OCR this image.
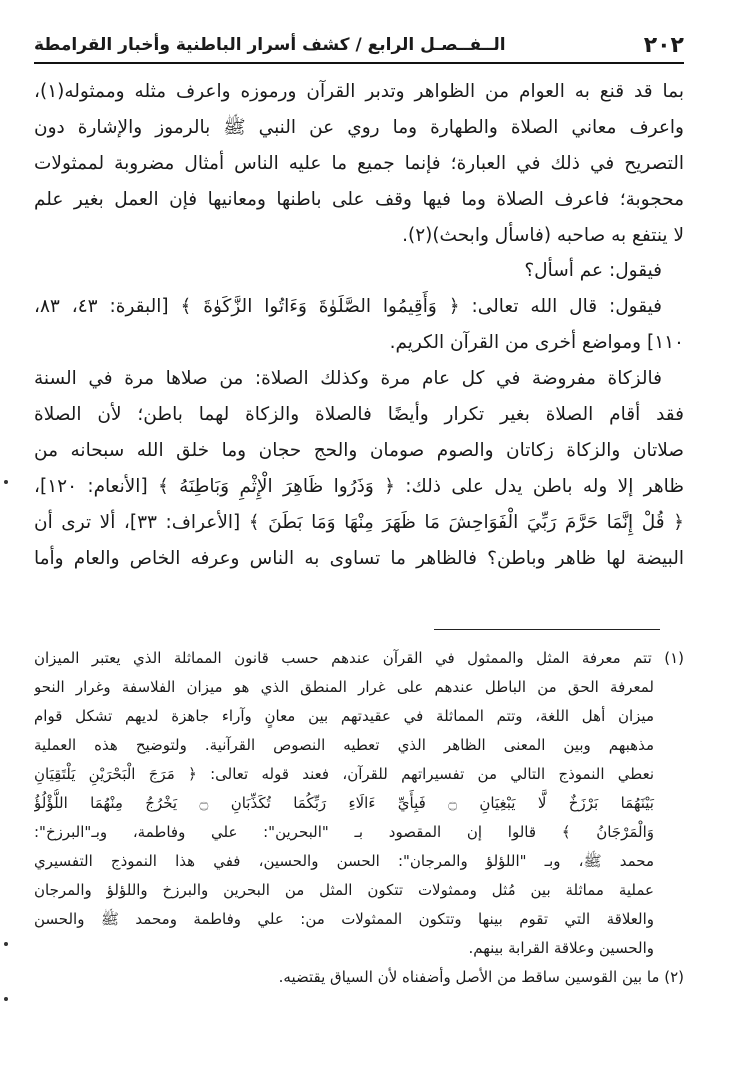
٢٠٢
الــفــصـل الرابع / كشف أسرار الباطنية وأخبار القرامطة
بما قد قنع به العوام من الظواهر وتدبر القرآن ورموزه واعرف مثله وممثوله(١)،
واعرف معاني الصلاة والطهارة وما روي عن النبي ﷺ بالرموز والإشارة دون
التصريح في ذلك في العبارة؛ فإنما جميع ما عليه الناس أمثال مضروبة لممثولات
محجوبة؛ فاعرف الصلاة وما فيها وقف على باطنها ومعانيها فإن العمل بغير علم
لا ينتفع به صاحبه (فاسأل وابحث)(٢).
فيقول: عم أسأل؟
فيقول: قال الله تعالى: ﴿ وَأَقِيمُوا الصَّلَوٰةَ وَءَاتُوا الزَّكَوٰةَ ﴾ [البقرة: ٤٣، ٨٣،
١١٠] ومواضع أخرى من القرآن الكريم.
فالزكاة مفروضة في كل عام مرة وكذلك الصلاة: من صلاها مرة في السنة
فقد أقام الصلاة بغير تكرار وأيضًا فالصلاة والزكاة لهما باطن؛ لأن الصلاة
صلاتان والزكاة زكاتان والصوم صومان والحج حجان وما خلق الله سبحانه من
ظاهر إلا وله باطن يدل على ذلك: ﴿ وَذَرُوا ظَاهِرَ الْإِثْمِ وَبَاطِنَهُ ﴾ [الأنعام: ١٢٠]،
﴿ قُلْ إِنَّمَا حَرَّمَ رَبِّيَ الْفَوَاحِشَ مَا ظَهَرَ مِنْهَا وَمَا بَطَنَ ﴾ [الأعراف: ٣٣]، ألا ترى أن
البيضة لها ظاهر وباطن؟ فالظاهر ما تساوى به الناس وعرفه الخاص والعام وأما
(١) تتم معرفة المثل والممثول في القرآن عندهم حسب قانون المماثلة الذي يعتبر الميزان
لمعرفة الحق من الباطل عندهم على غرار المنطق الذي هو ميزان الفلاسفة وغرار النحو
ميزان أهل اللغة، وتتم المماثلة في عقيدتهم بين معانٍ وآراء جاهزة لديهم تشكل قوام
مذهبهم وبين المعنى الظاهر الذي تعطيه النصوص القرآنية. ولتوضيح هذه العملية
نعطي النموذج التالي من تفسيراتهم للقرآن، فعند قوله تعالى: ﴿ مَرَجَ الْبَحْرَيْنِ يَلْتَقِيَانِ
بَيْنَهُمَا بَرْزَخٌ لَّا يَبْغِيَانِ ۝ فَبِأَيِّ ءَالَاءِ رَبِّكُمَا تُكَذِّبَانِ ۝ يَخْرُجُ مِنْهُمَا اللُّؤْلُؤُ
وَالْمَرْجَانُ ﴾ قالوا إن المقصود بـ "البحرين": علي وفاطمة، وبـ"البرزخ":
محمد ﷺ، وبـ "اللؤلؤ والمرجان": الحسن والحسين، ففي هذا النموذج التفسيري
عملية مماثلة بين مُثل وممثولات تتكون المثل من البحرين والبرزخ واللؤلؤ والمرجان
والعلاقة التي تقوم بينها وتتكون الممثولات من: علي وفاطمة ومحمد ﷺ والحسن
والحسين وعلاقة القرابة بينهم.
(٢) ما بين القوسين ساقط من الأصل وأضفناه لأن السياق يقتضيه.
